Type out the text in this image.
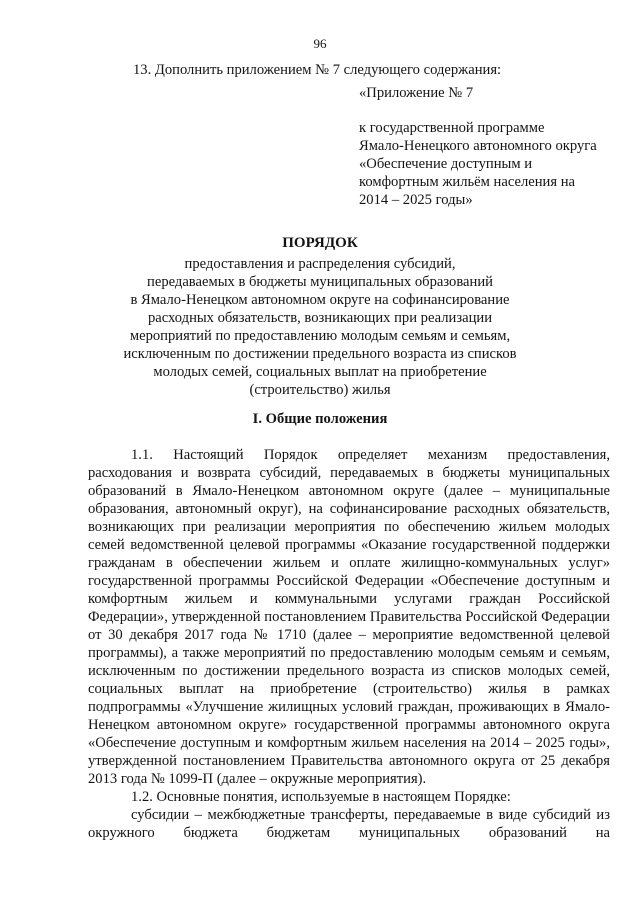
96
13. Дополнить приложением № 7 следующего содержания:
«Приложение № 7
к государственной программе
Ямало-Ненецкого автономного округа
«Обеспечение доступным и
комфортным жильём населения на
2014 – 2025 годы»
ПОРЯДОК
предоставления и распределения субсидий,
передаваемых в бюджеты муниципальных образований
в Ямало-Ненецком автономном округе на софинансирование
расходных обязательств, возникающих при реализации
мероприятий по предоставлению молодым семьям и семьям,
исключенным по достижении предельного возраста из списков
молодых семей, социальных выплат на приобретение
(строительство) жилья
I. Общие положения

1.1. Настоящий Порядок определяет механизм предоставления, расходования и возврата субсидий, передаваемых в бюджеты муниципальных образований в Ямало-Ненецком автономном округе (далее – муниципальные образования, автономный округ), на софинансирование расходных обязательств, возникающих при реализации мероприятия по обеспечению жильем молодых семей ведомственной целевой программы «Оказание государственной поддержки гражданам в обеспечении жильем и оплате жилищно-коммунальных услуг» государственной программы Российской Федерации «Обеспечение доступным и комфортным жильем и коммунальными услугами граждан Российской Федерации», утвержденной постановлением Правительства Российской Федерации от 30 декабря 2017 года № 1710 (далее – мероприятие ведомственной целевой программы), а также мероприятий по предоставлению молодым семьям и семьям, исключенным по достижении предельного возраста из списков молодых семей, социальных выплат на приобретение (строительство) жилья в рамках подпрограммы «Улучшение жилищных условий граждан, проживающих в Ямало-Ненецком автономном округе» государственной программы автономного округа «Обеспечение доступным и комфортным жильем населения на 2014 – 2025 годы», утвержденной постановлением Правительства автономного округа от 25 декабря 2013 года № 1099-П (далее – окружные мероприятия).

1.2. Основные понятия, используемые в настоящем Порядке:

субсидии – межбюджетные трансферты, передаваемые в виде субсидий из окружного бюджета бюджетам муниципальных образований на
